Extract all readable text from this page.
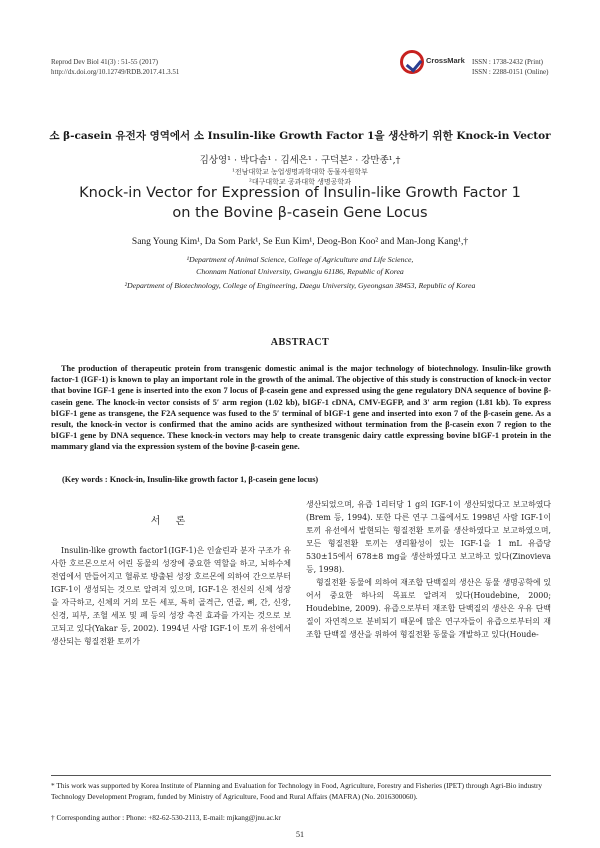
Reprod Dev Biol 41(3) : 51-55 (2017)
http://dx.doi.org/10.12749/RDB.2017.41.3.51
CrossMark ISSN : 1738-2432 (Print)
ISSN : 2288-0151 (Online)
소 β-casein 유전자 영역에서 소 Insulin-like Growth Factor 1을 생산하기 위한 Knock-in Vector
김상영¹ · 박다솜¹ · 김세은¹ · 구덕본² · 강만종¹,†
¹전남대학교 농업생명과학대학 동물자원학부
²대구대학교 공과대학 생명공학과
Knock-in Vector for Expression of Insulin-like Growth Factor 1
on the Bovine β-casein Gene Locus
Sang Young Kim¹, Da Som Park¹, Se Eun Kim¹, Deog-Bon Koo² and Man-Jong Kang¹,†
¹Department of Animal Science, College of Agriculture and Life Science,
Chonnam National University, Gwangju 61186, Republic of Korea
²Department of Biotechnology, College of Engineering, Daegu University, Gyeongsan 38453, Republic of Korea
ABSTRACT
The production of therapeutic protein from transgenic domestic animal is the major technology of biotechnology. Insulin-like growth factor-1 (IGF-1) is known to play an important role in the growth of the animal. The objective of this study is construction of knock-in vector that bovine IGF-1 gene is inserted into the exon 7 locus of β-casein gene and expressed using the gene regulatory DNA sequence of bovine β-casein gene. The knock-in vector consists of 5′ arm region (1.02 kb), bIGF-1 cDNA, CMV-EGFP, and 3′ arm region (1.81 kb). To express bIGF-1 gene as transgene, the F2A sequence was fused to the 5′ terminal of bIGF-1 gene and inserted into exon 7 of the β-casein gene. As a result, the knock-in vector is confirmed that the amino acids are synthesized without termination from the β-casein exon 7 region to the bIGF-1 gene by DNA sequence. These knock-in vectors may help to create transgenic dairy cattle expressing bovine bIGF-1 protein in the mammary gland via the expression system of the bovine β-casein gene.
(Key words : Knock-in, Insulin-like growth factor 1, β-casein gene locus)
서 론

Insulin-like growth factor1(IGF-1)은 인슐린과 분자 구조가 유사한 호르몬으로서 어린 동물의 성장에 중요한 역할을 하고, 뇌하수체 전엽에서 만들어지고 혈류로 방출된 성장 호르몬에 의하여 간으로부터 IGF-1이 생성되는 것으로 알려져 있으며, IGF-1은 전신의 신체 성장을 자극하고, 신체의 거의 모든 세포, 특히 골격근, 연골, 뼈, 간, 신장, 신경, 피부, 조혈 세포 및 폐 등의 성장 촉진 효과를 가지는 것으로 보고되고 있다(Yakar 등, 2002). 1994년 사람 IGF-1이 토끼 유선에서 생산되는 형질전환 토끼가

생산되었으며, 유즙 1리터당 1 g의 IGF-1이 생산되었다고 보고하였다(Brem 등, 1994). 또한 다른 연구 그룹에서도 1998년 사람 IGF-1이 토끼 유선에서 발현되는 형질전환 토끼를 생산하였다고 보고하였으며, 모든 형질전환 토끼는 생리활성이 있는 IGF-1을 1 mL 유즙당 530±15에서 678±8 mg을 생산하였다고 보고하고 있다(Zinovieva 등, 1998).

형질전환 동물에 의하여 재조합 단백질의 생산은 동물 생명공학에 있어서 중요한 하나의 목표로 알려져 있다(Houdebine, 2000; Houdebine, 2009). 유즙으로부터 재조합 단백질의 생산은 우유 단백질이 자연적으로 분비되기 때문에 많은 연구자들이 유즙으로부터의 재조합 단백질 생산을 위하여 형질전환 동물을 개발하고 있다(Houde-

* This work was supported by Korea Institute of Planning and Evaluation for Technology in Food, Agriculture, Forestry and Fisheries (IPET) through Agri-Bio industry Technology Development Program, funded by Ministry of Agriculture, Food and Rural Affairs (MAFRA) (No. 2016300060).
† Corresponding author : Phone: +82-62-530-2113, E-mail: mjkang@jnu.ac.kr
51
